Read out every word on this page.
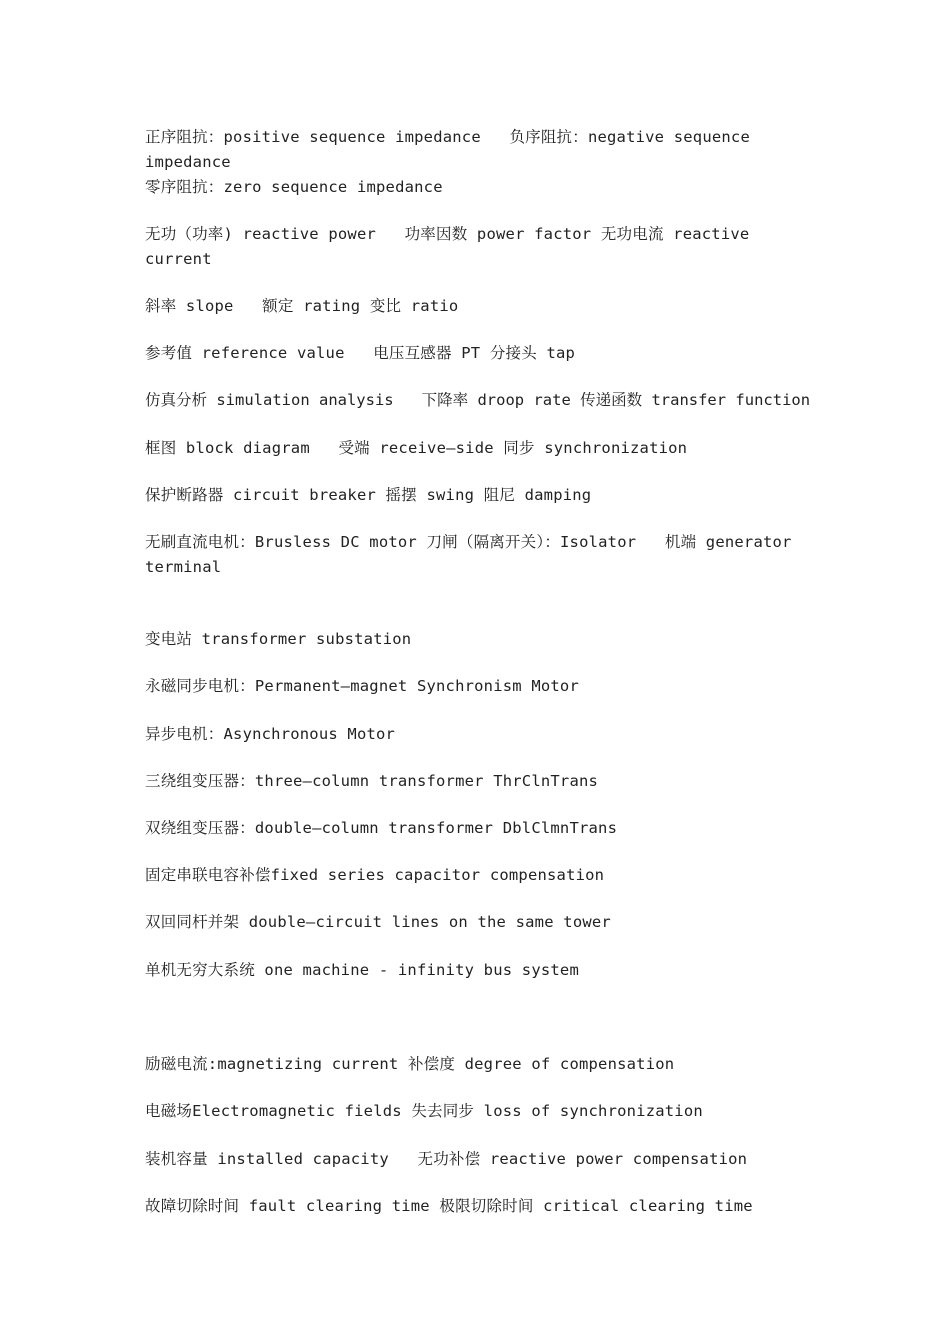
正序阻抗：positive sequence impedance   负序阻抗：negative sequence
impedance
零序阻抗：zero sequence impedance
无功（功率) reactive power   功率因数 power factor 无功电流 reactive
current
斜率 slope   额定 rating 变比 ratio
参考值 reference value   电压互感器 PT 分接头 tap
仿真分析 simulation analysis   下降率 droop rate 传递函数 transfer function
框图 block diagram   受端 receive—side 同步 synchronization
保护断路器 circuit breaker 摇摆 swing 阻尼 damping
无刷直流电机：Brusless DC motor 刀闸（隔离开关）：Isolator   机端 generator
terminal
变电站 transformer substation
永磁同步电机：Permanent—magnet Synchronism Motor
异步电机：Asynchronous Motor
三绕组变压器：three—column transformer ThrClnTrans
双绕组变压器：double—column transformer DblClmnTrans
固定串联电容补偿fixed series capacitor compensation
双回同杆并架 double—circuit lines on the same tower
单机无穷大系统 one machine - infinity bus system
励磁电流:magnetizing current 补偿度 degree of compensation
电磁场Electromagnetic fields 失去同步 loss of synchronization
装机容量 installed capacity   无功补偿 reactive power compensation
故障切除时间 fault clearing time 极限切除时间 critical clearing time
